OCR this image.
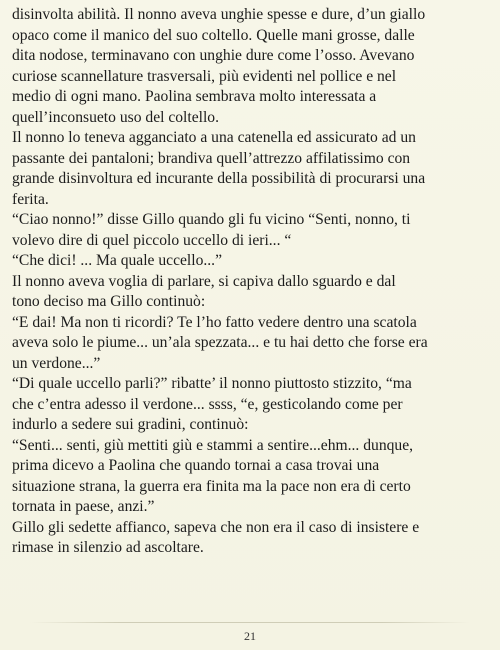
disinvolta abilità. Il nonno aveva unghie spesse e dure, d’un giallo
opaco come il manico del suo coltello. Quelle mani grosse, dalle
dita nodose, terminavano con unghie dure come l’osso. Avevano
curiose scannellature trasversali, più evidenti nel pollice e nel
medio di ogni mano. Paolina sembrava molto interessata a
quell’inconsueto uso del coltello.
Il nonno lo teneva agganciato a una catenella ed assicurato ad un
passante dei pantaloni; brandiva quell’attrezzo affilatissimo con
grande disinvoltura ed incurante della possibilità di procurarsi una
ferita.
“Ciao nonno!” disse Gillo quando gli fu vicino “Senti, nonno, ti
volevo dire di quel piccolo uccello di ieri... “
“Che dici! ... Ma quale uccello...”
Il nonno aveva voglia di parlare, si capiva dallo sguardo e dal
tono deciso ma Gillo continuò:
“E dai! Ma non ti ricordi? Te l’ho fatto vedere dentro una scatola
aveva solo le piume... un’ala spezzata... e tu hai detto che forse era
un verdone...”
“Di quale uccello parli?” ribatte’ il nonno piuttosto stizzito, “ma
che c’entra adesso il verdone... ssss, “e, gesticolando come per
indurlo a sedere sui gradini, continuò:
“Senti... senti, giù mettiti giù e stammi a sentire...ehm... dunque,
prima dicevo a Paolina che quando tornai a casa trovai una
situazione strana, la guerra era finita ma la pace non era di certo
tornata in paese, anzi.”
Gillo gli sedette affianco, sapeva che non era il caso di insistere e
rimase in silenzio ad ascoltare.
21
